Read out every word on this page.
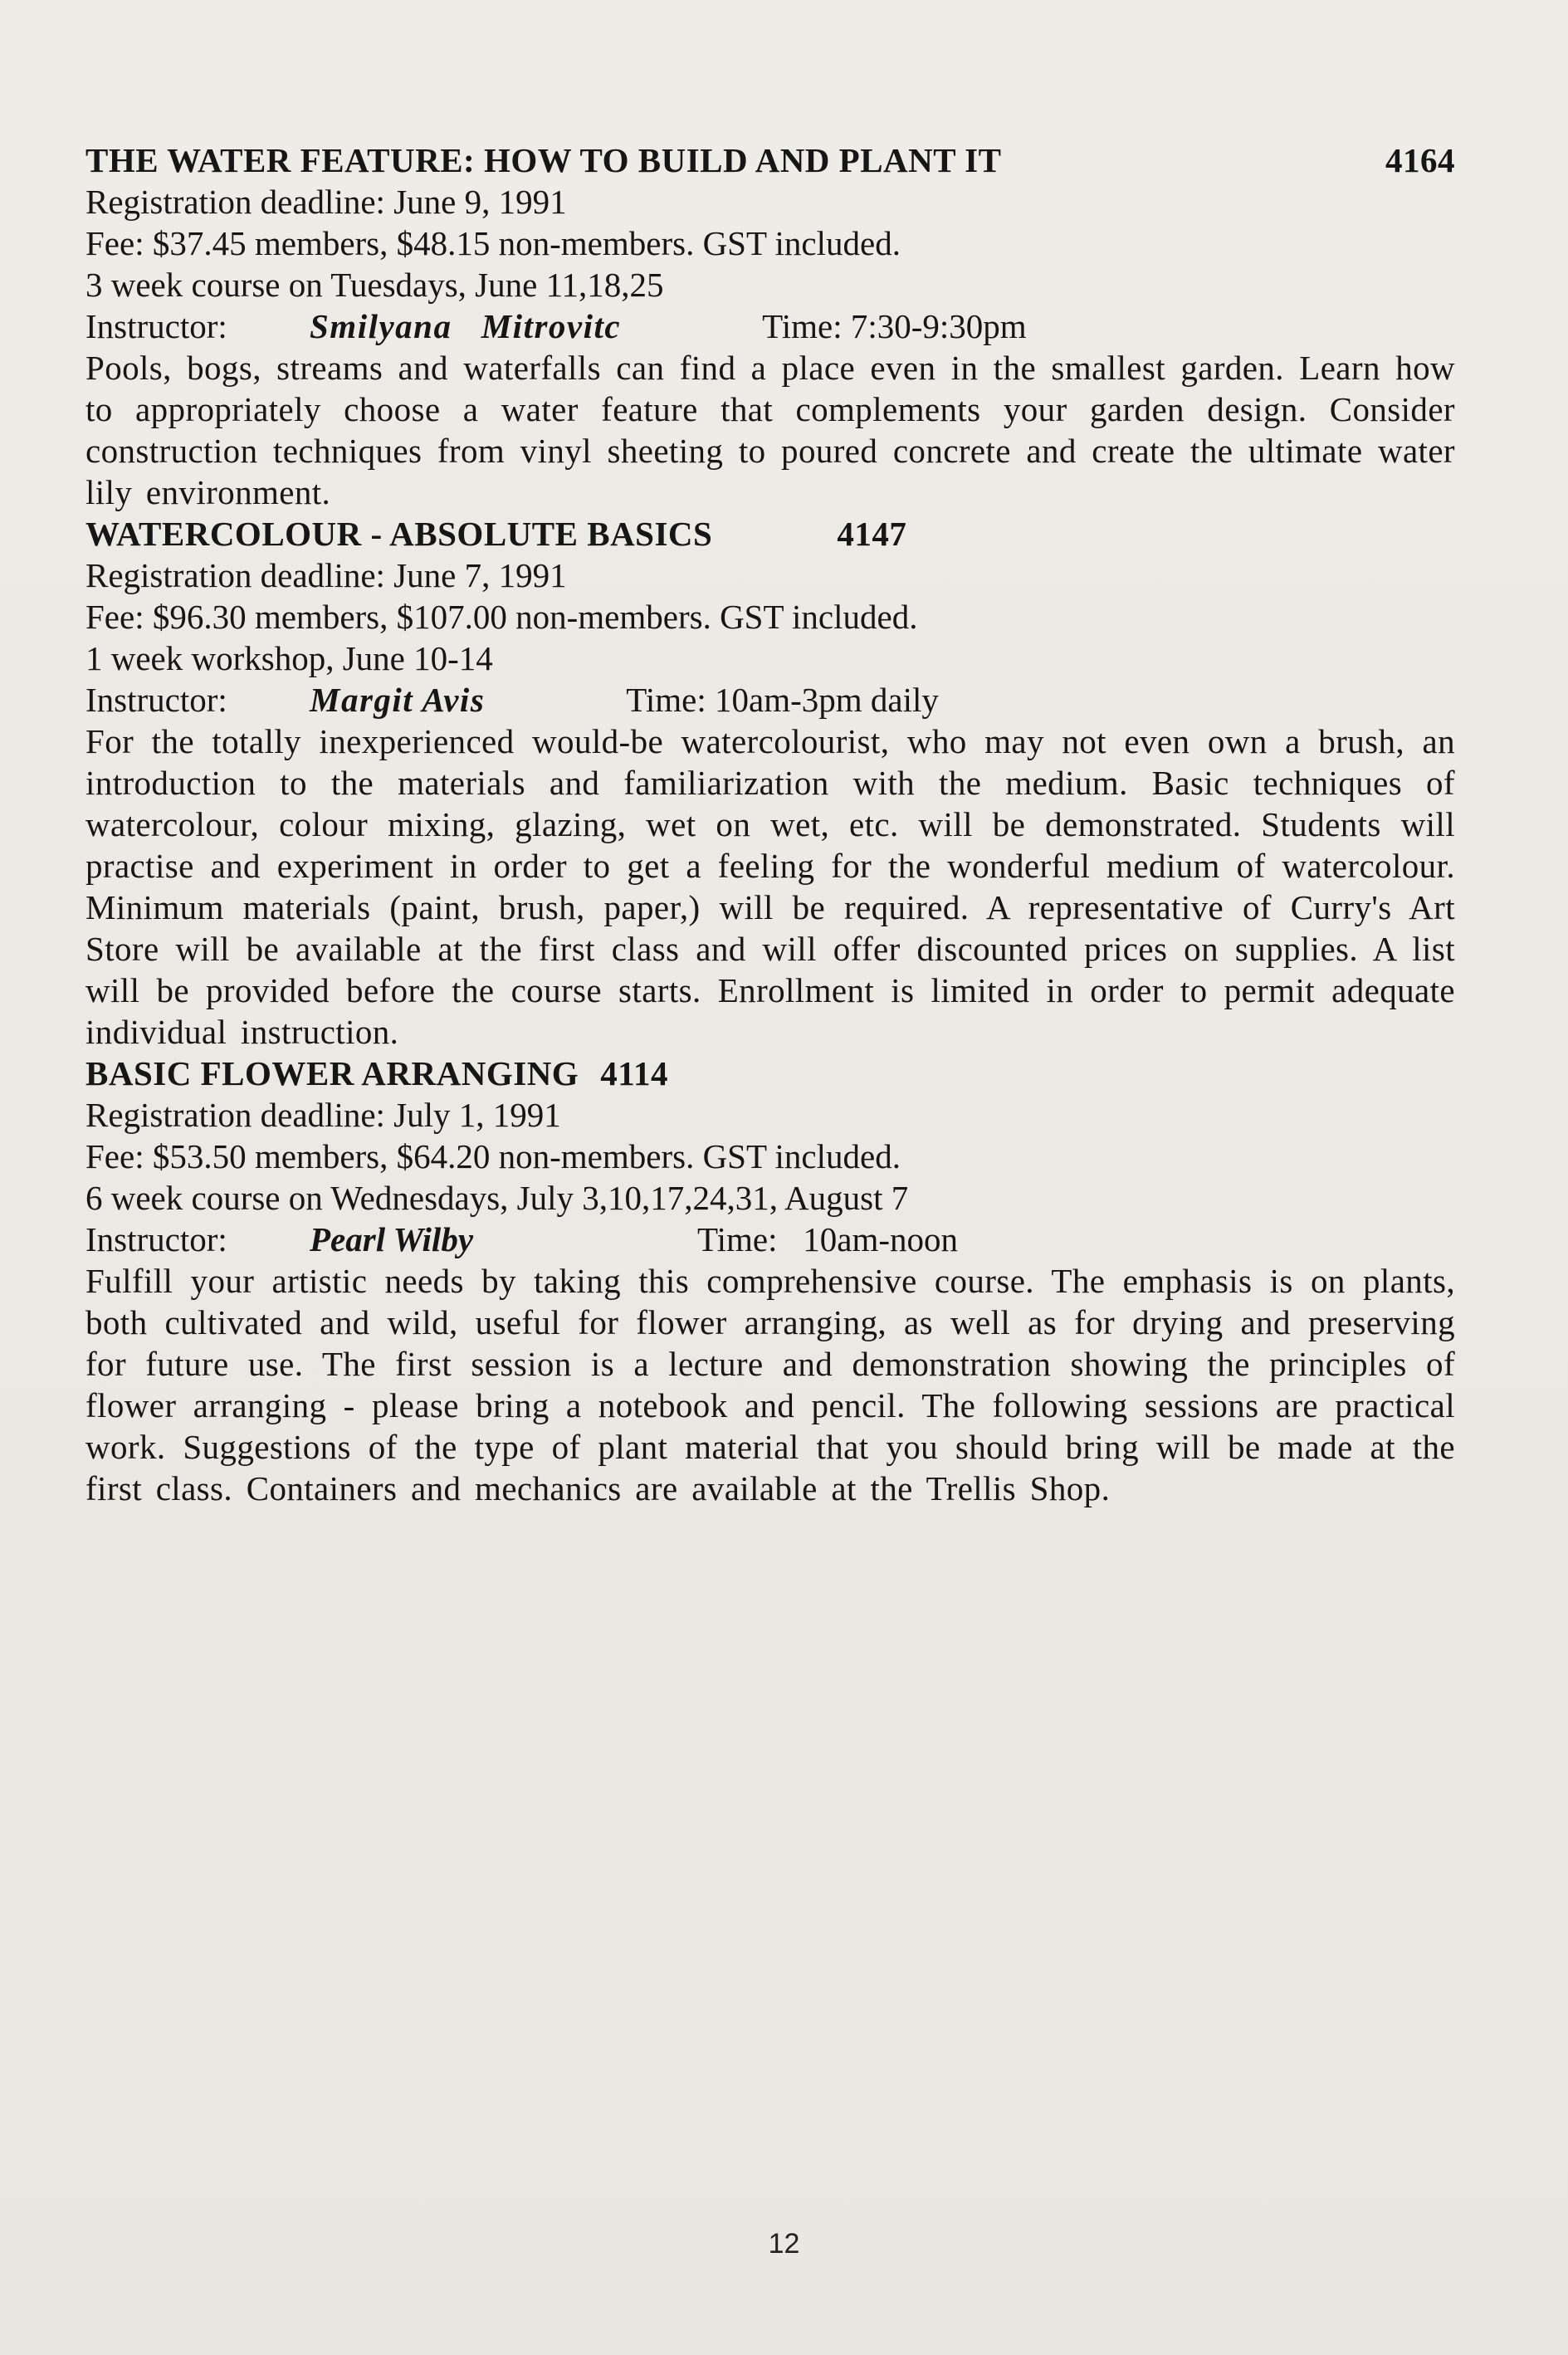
THE WATER FEATURE: HOW TO BUILD AND PLANT IT	4164
Registration deadline: June 9, 1991
Fee: $37.45 members, $48.15 non-members. GST included.
3 week course on Tuesdays, June 11,18,25
Instructor:	Smilyana   Mitrovitc	Time: 7:30-9:30pm

Pools, bogs, streams and waterfalls can find a place even in the smallest garden. Learn how to appropriately choose a water feature that complements your garden design. Consider construction techniques from vinyl sheeting to poured concrete and create the ultimate water lily environment.

WATERCOLOUR - ABSOLUTE BASICS	4147
Registration deadline: June 7, 1991
Fee: $96.30 members, $107.00 non-members. GST included.
1 week workshop, June 10-14
Instructor:	Margit Avis	Time: 10am-3pm daily

For the totally inexperienced would-be watercolourist, who may not even own a brush, an introduction to the materials and familiarization with the medium. Basic techniques of watercolour, colour mixing, glazing, wet on wet, etc. will be demonstrated. Students will practise and experiment in order to get a feeling for the wonderful medium of watercolour. Minimum materials (paint, brush, paper,) will be required. A representative of Curry's Art Store will be available at the first class and will offer discounted prices on supplies. A list will be provided before the course starts. Enrollment is limited in order to permit adequate individual instruction.

BASIC FLOWER ARRANGING 4114
Registration deadline: July 1, 1991
Fee: $53.50 members, $64.20 non-members. GST included.
6 week course on Wednesdays, July 3,10,17,24,31, August 7
Instructor:	Pearl Wilby	Time:   10am-noon

Fulfill your artistic needs by taking this comprehensive course. The emphasis is on plants, both cultivated and wild, useful for flower arranging, as well as for drying and preserving for future use. The first session is a lecture and demonstration showing the principles of flower arranging - please bring a notebook and pencil. The following sessions are practical work. Suggestions of the type of plant material that you should bring will be made at the first class. Containers and mechanics are available at the Trellis Shop.

12
